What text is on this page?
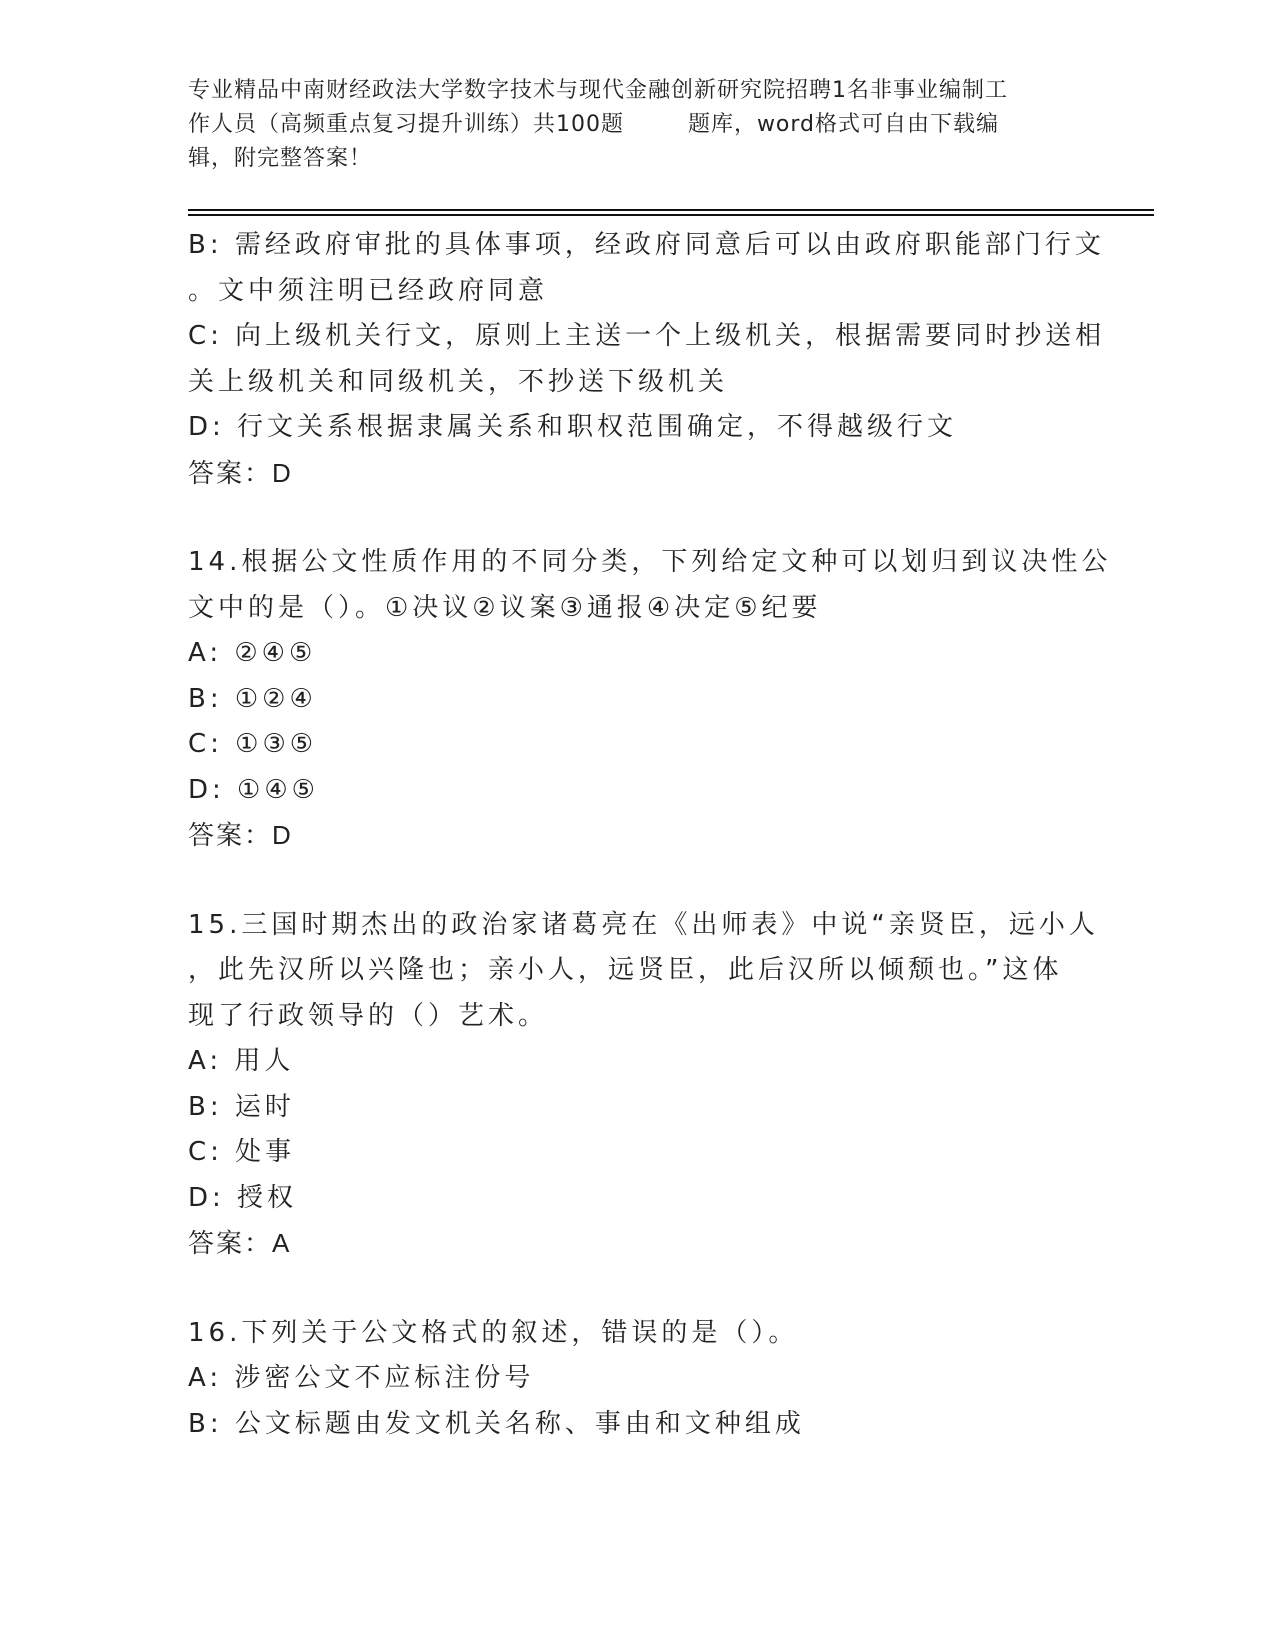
专业精品中南财经政法大学数字技术与现代金融创新研究院招聘1名非事业编制工
作人员（高频重点复习提升训练）共100题        题库，word格式可自由下载编
辑，附完整答案！
B: 需经政府审批的具体事项，经政府同意后可以由政府职能部门行文
。文中须注明已经政府同意
C: 向上级机关行文，原则上主送一个上级机关，根据需要同时抄送相
关上级机关和同级机关，不抄送下级机关
D: 行文关系根据隶属关系和职权范围确定，不得越级行文
答案：D
14.根据公文性质作用的不同分类，下列给定文种可以划归到议决性公
文中的是（）。①决议②议案③通报④决定⑤纪要
A: ②④⑤
B: ①②④
C: ①③⑤
D: ①④⑤
答案：D
15.三国时期杰出的政治家诸葛亮在《出师表》中说“亲贤臣，远小人
，此先汉所以兴隆也；亲小人，远贤臣，此后汉所以倾颓也。”这体
现了行政领导的（）艺术。
A: 用人
B: 运时
C: 处事
D: 授权
答案：A
16.下列关于公文格式的叙述，错误的是（）。
A: 涉密公文不应标注份号
B: 公文标题由发文机关名称、事由和文种组成
